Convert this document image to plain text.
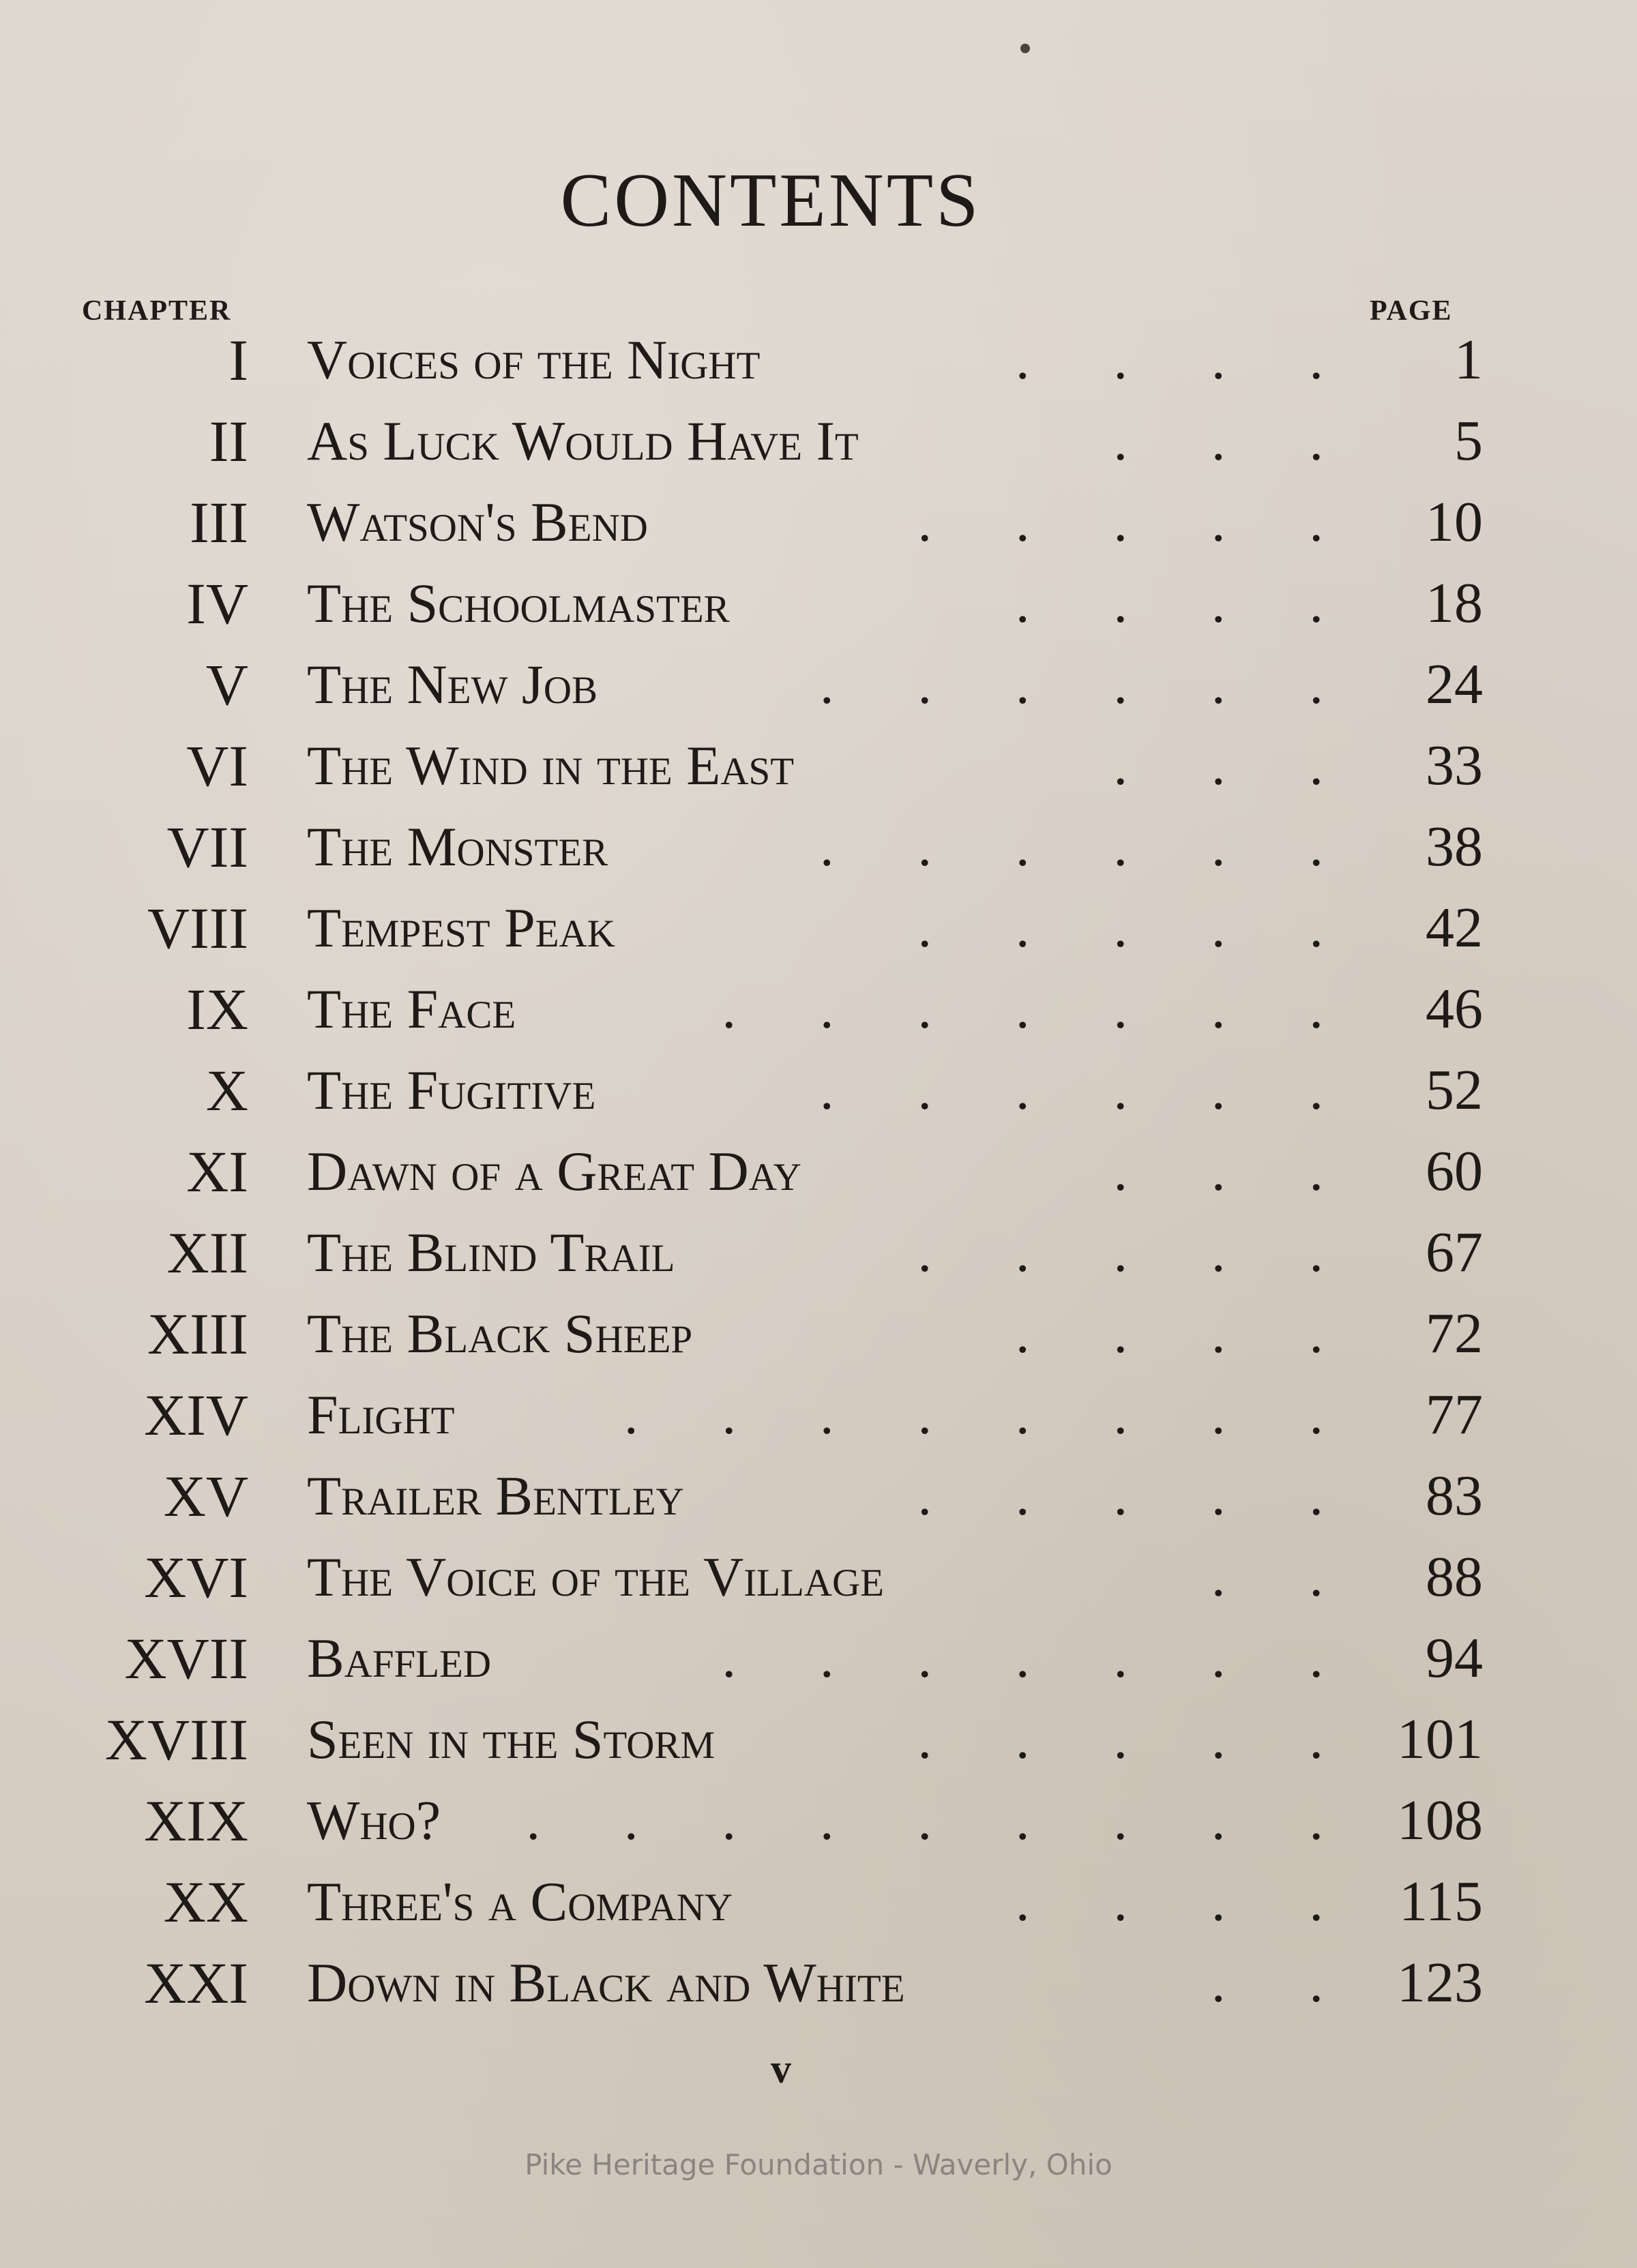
CONTENTS
CHAPTER	PAGE
I Voices of the Night	.      .      .      . 1
II As Luck Would Have It	.      .      . 5
III Watson's Bend	.      .      .      .      . 10
IV The Schoolmaster	.      .      .      . 18
V The New Job	.      .      .      .      .      . 24
VI The Wind in the East	.      .      . 33
VII The Monster	.      .      .      .      .      . 38
VIII Tempest Peak	.      .      .      .      . 42
IX The Face	.      .      .      .      .      .      . 46
X The Fugitive	.      .      .      .      .      . 52
XI Dawn of a Great Day	.      .      . 60
XII The Blind Trail	.      .      .      .      . 67
XIII The Black Sheep	.      .      .      . 72
XIV Flight	.      .      .      .      .      .      .      . 77
XV Trailer Bentley	.      .      .      .      . 83
XVI The Voice of the Village	.      . 88
XVII Baffled	.      .      .      .      .      .      . 94
XVIII Seen in the Storm	.      .      .      .      . 101
XIX Who? .      .      .      .      .      .      .      .      . 108
XX Three's a Company	.      .      .      . 115
XXI Down in Black and White	.      . 123
v
Pike Heritage Foundation - Waverly, Ohio
